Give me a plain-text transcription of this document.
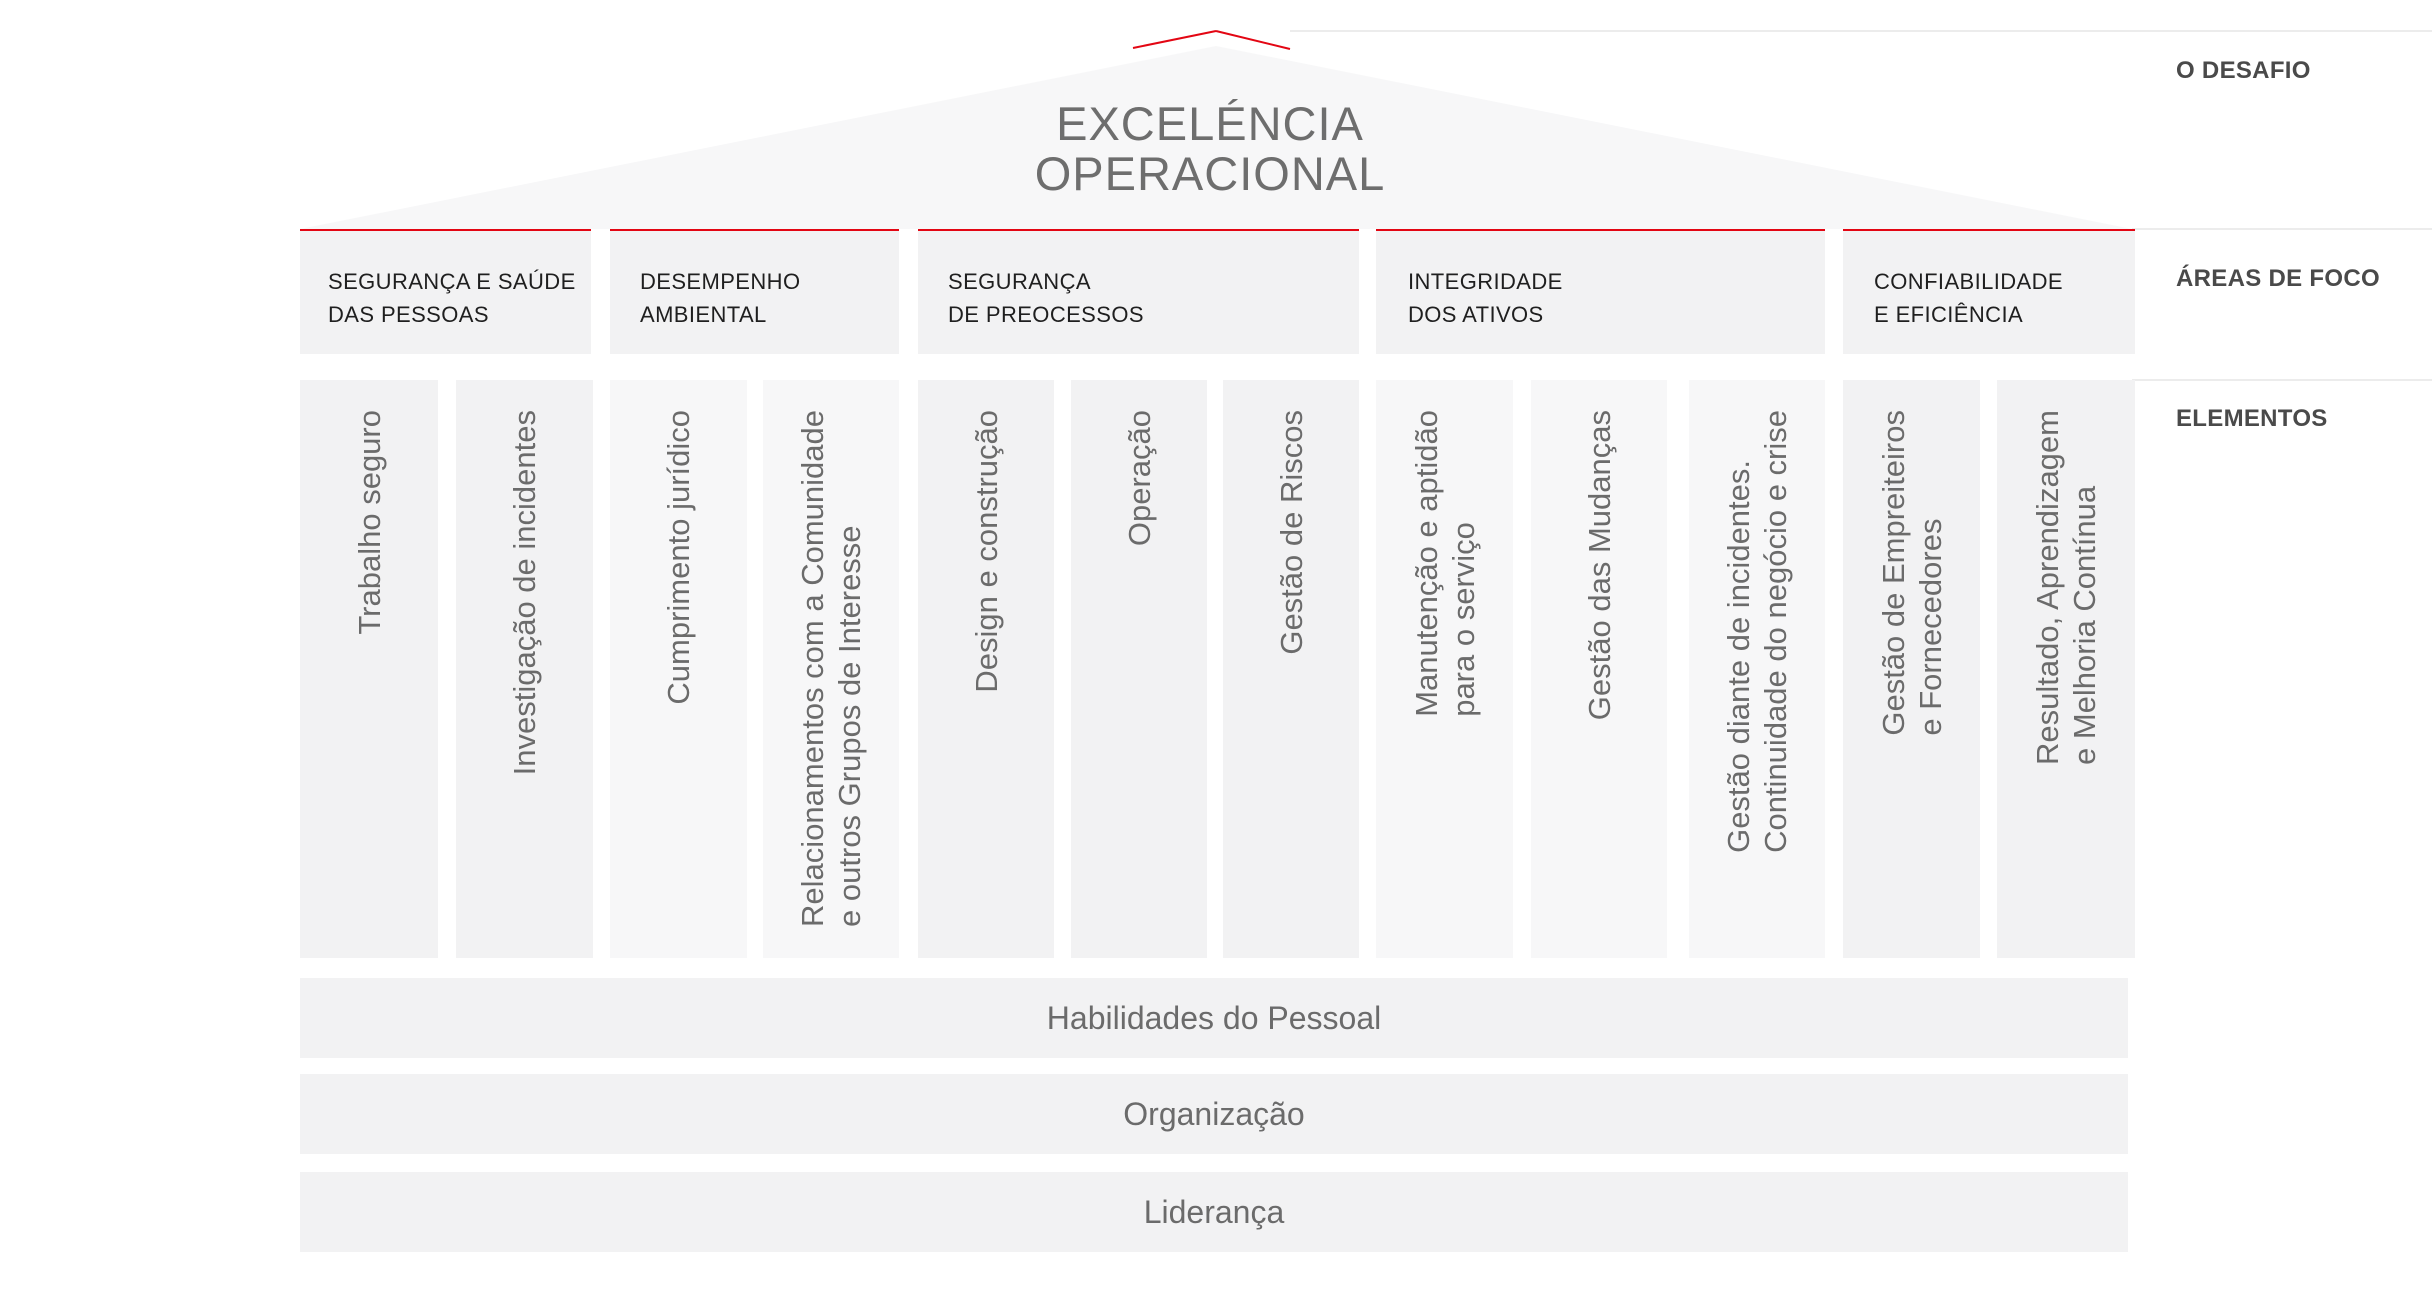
EXCELÉNCIA
OPERACIONAL
O DESAFIO
ÁREAS DE FOCO
ELEMENTOS
SEGURANÇA E SAÚDE
DAS PESSOAS
DESEMPENHO
AMBIENTAL
SEGURANÇA
DE PREOCESSOS
INTEGRIDADE
DOS ATIVOS
CONFIABILIDADE
E EFICIÊNCIA
Trabalho seguro	Investigação de incidentes	Cumprimento jurídico	Relacionamentos com a Comunidade e outros Grupos de Interesse	Design e construção	Operação	Gestão de Riscos	Manutenção e aptidão para o serviço	Gestão das Mudanças	Gestão diante de incidentes. Continuidade do negócio e crise	Gestão de Empreiteiros e Fornecedores	Resultado, Aprendizagem e Melhoria Contínua
Habilidades do Pessoal
Organização
Liderança
